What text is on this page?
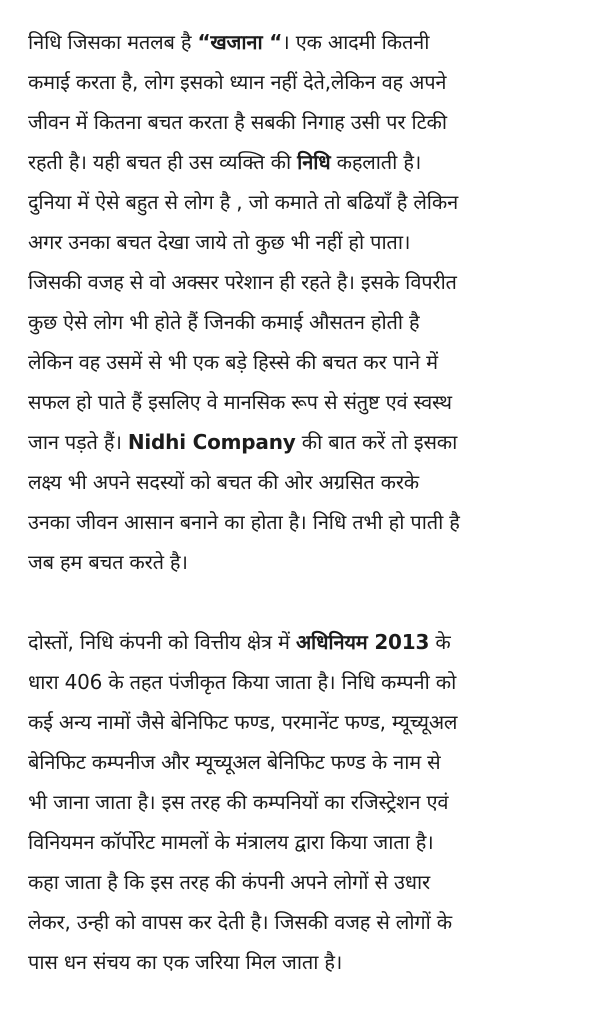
निधि जिसका मतलब है “खजाना “। एक आदमी कितनी
कमाई करता है, लोग इसको ध्यान नहीं देते,लेकिन वह अपने
जीवन में कितना बचत करता है सबकी निगाह उसी पर टिकी
रहती है। यही बचत ही उस व्यक्ति की निधि कहलाती है।
दुनिया में ऐसे बहुत से लोग है , जो कमाते तो बढियाँ है लेकिन
अगर उनका बचत देखा जाये तो कुछ भी नहीं हो पाता।
जिसकी वजह से वो अक्सर परेशान ही रहते है। इसके विपरीत
कुछ ऐसे लोग भी होते हैं जिनकी कमाई औसतन होती है
लेकिन वह उसमें से भी एक बड़े हिस्से की बचत कर पाने में
सफल हो पाते हैं इसलिए वे मानसिक रूप से संतुष्ट एवं स्वस्थ
जान पड़ते हैं। Nidhi Company की बात करें तो इसका
लक्ष्य भी अपने सदस्यों को बचत की ओर अग्रसित करके
उनका जीवन आसान बनाने का होता है। निधि तभी हो पाती है
जब हम बचत करते है।

दोस्तों, निधि कंपनी को वित्तीय क्षेत्र में अधिनियम 2013 के
धारा 406 के तहत पंजीकृत किया जाता है। निधि कम्पनी को
कई अन्य नामों जैसे बेनिफिट फण्ड, परमानेंट फण्ड, म्यूच्यूअल
बेनिफिट कम्पनीज और म्यूच्यूअल बेनिफिट फण्ड के नाम से
भी जाना जाता है। इस तरह की कम्पनियों का रजिस्ट्रेशन एवं
विनियमन कॉर्पोरेट मामलों के मंत्रालय द्वारा किया जाता है।
कहा जाता है कि इस तरह की कंपनी अपने लोगों से उधार
लेकर, उन्ही को वापस कर देती है। जिसकी वजह से लोगों के
पास धन संचय का एक जरिया मिल जाता है।
